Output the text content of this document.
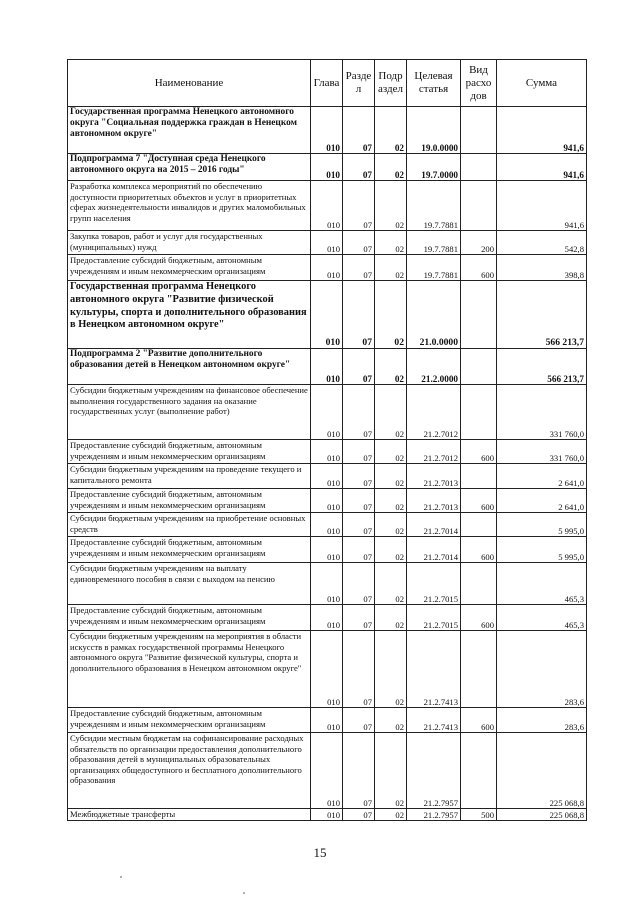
Наименование	Глава	Разде л	Подр аздел	Целевая статья	Вид расхо дов	Сумма
Государственная программа Ненецкого автономного округа "Социальная поддержка граждан в Ненецком автономном округе"	010	07	02	19.0.0000		941,6
Подпрограмма 7 "Доступная среда Ненецкого автономного округа на 2015 – 2016 годы"	010	07	02	19.7.0000		941,6
Разработка комплекса мероприятий по обеспечению доступности приоритетных объектов и услуг в приоритетных сферах жизнедеятельности инвалидов и других маломобильных групп населения	010	07	02	19.7.7881		941,6
Закупка товаров, работ и услуг для государственных (муниципальных) нужд	010	07	02	19.7.7881	200	542,8
Предоставление субсидий бюджетным, автономным учреждениям и иным некоммерческим организациям	010	07	02	19.7.7881	600	398,8
Государственная программа Ненецкого автономного округа "Развитие физической культуры, спорта и дополнительного образования в Ненецком автономном округе"	010	07	02	21.0.0000		566 213,7
Подпрограмма 2 "Развитие дополнительного образования детей в Ненецком автономном округе"	010	07	02	21.2.0000		566 213,7
Субсидии бюджетным учреждениям на финансовое обеспечение выполнения государственного задания на оказание государственных услуг (выполнение работ)	010	07	02	21.2.7012		331 760,0
Предоставление субсидий бюджетным, автономным учреждениям и иным некоммерческим организациям	010	07	02	21.2.7012	600	331 760,0
Субсидии бюджетным учреждениям на проведение текущего и капитального ремонта	010	07	02	21.2.7013		2 641,0
Предоставление субсидий бюджетным, автономным учреждениям и иным некоммерческим организациям	010	07	02	21.2.7013	600	2 641,0
Субсидии бюджетным учреждениям на приобретение основных средств	010	07	02	21.2.7014		5 995,0
Предоставление субсидий бюджетным, автономным учреждениям и иным некоммерческим организациям	010	07	02	21.2.7014	600	5 995,0
Субсидии бюджетным учреждениям на выплату единовременного пособия в связи с выходом на пенсию	010	07	02	21.2.7015		465,3
Предоставление субсидий бюджетным, автономным учреждениям и иным некоммерческим организациям	010	07	02	21.2.7015	600	465,3
Субсидии бюджетным учреждениям на мероприятия в области искусств в рамках государственной программы Ненецкого автономного округа "Развитие физической культуры, спорта и дополнительного образования в Ненецком автономном округе"	010	07	02	21.2.7413		283,6
Предоставление субсидий бюджетным, автономным учреждениям и иным некоммерческим организациям	010	07	02	21.2.7413	600	283,6
Субсидии местным бюджетам на софинансирование расходных обязательств по организации предоставления дополнительного образования детей в муниципальных образовательных организациях общедоступного и бесплатного дополнительного образования	010	07	02	21.2.7957		225 068,8
Межбюджетные трансферты	010	07	02	21.2.7957	500	225 068,8
15
